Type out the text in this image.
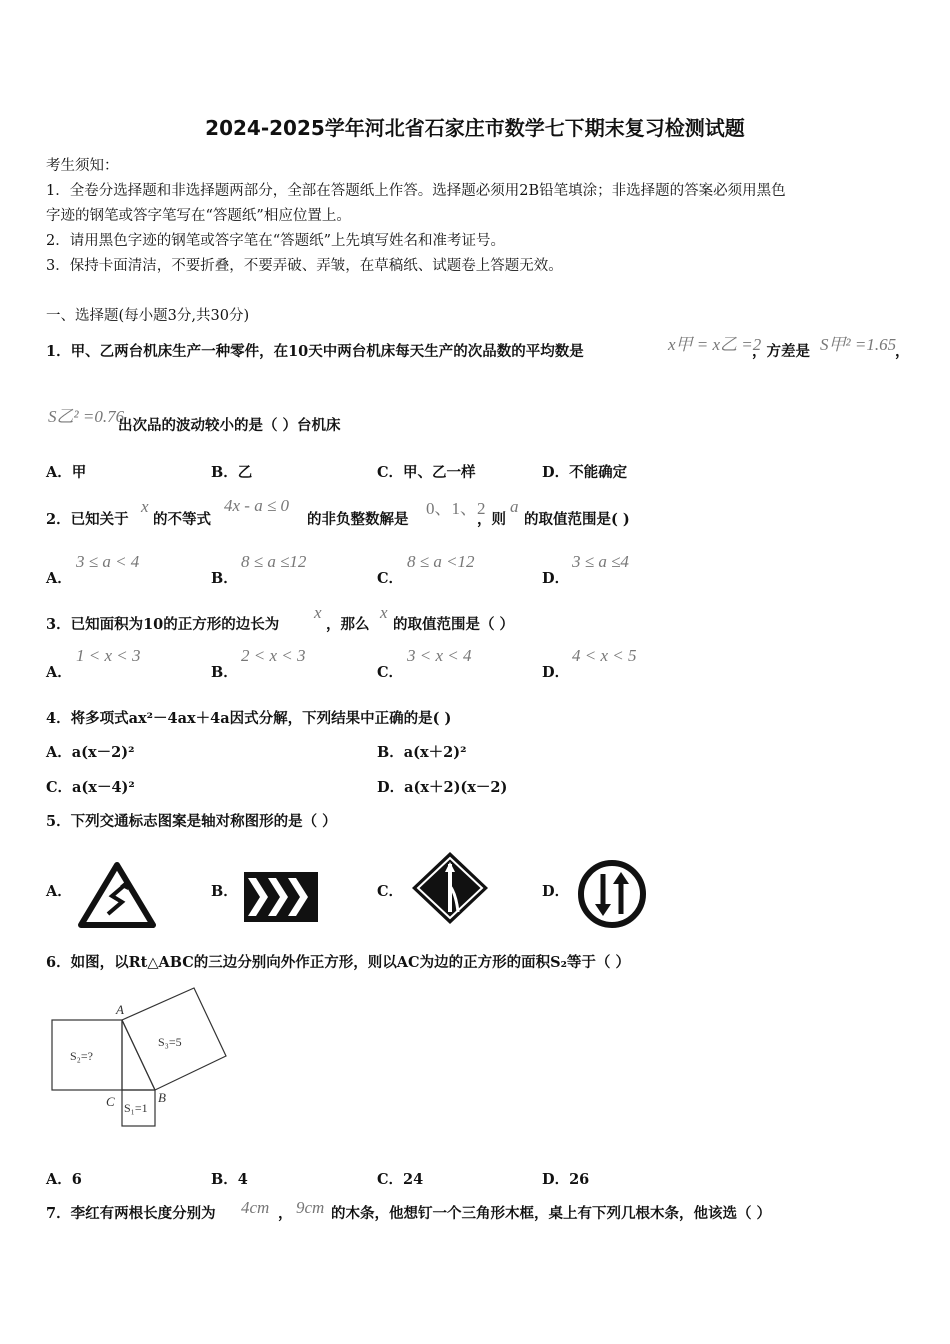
2024-2025学年河北省石家庄市数学七下期末复习检测试题
考生须知：
1．全卷分选择题和非选择题两部分，全部在答题纸上作答。选择题必须用2B铅笔填涂；非选择题的答案必须用黑色
字迹的钢笔或答字笔写在“答题纸”相应位置上。
2．请用黑色字迹的钢笔或答字笔在“答题纸”上先填写姓名和准考证号。
3．保持卡面清洁，不要折叠，不要弄破、弄皱，在草稿纸、试题卷上答题无效。
一、选择题(每小题3分,共30分)
1．甲、乙两台机床生产一种零件，在10天中两台机床每天生产的次品数的平均数是	x甲 = x乙 =2
，方差是 S甲² =1.65
，
S乙² =0.76
出次品的波动较小的是（ ）台机床
A．甲	B．乙	C．甲、乙一样	D．不能确定
2．已知关于
x
的不等式
4x - a ≤ 0
的非负整数解是
0、1、2
，则
a
的取值范围是( )
A．
3 ≤ a < 4
B．
8 ≤ a ≤12
C．
8 ≤ a <12
D．
3 ≤ a ≤4
3．已知面积为10的正方形的边长为
x
，那么
x
的取值范围是（ ）
A．
1 < x < 3
B．
2 < x < 3
C．
3 < x < 4
D．
4 < x < 5
4．将多项式ax²－4ax＋4a因式分解，下列结果中正确的是( )
A．a(x－2)²	B．a(x＋2)²
C．a(x－4)²	D．a(x＋2)(x－2)
5．下列交通标志图案是轴对称图形的是（ ）
A．	B．	C．	D．
6．如图，以Rt△ABC的三边分别向外作正方形，则以AC为边的正方形的面积S₂等于（ ）
A
B
C S₁=1
S₂=?
S₃=5
A．6	B．4	C．24	D．26
7．李红有两根长度分别为 4cm ， 9cm 的木条，他想钉一个三角形木框，桌上有下列几根木条，他该选（ ）
